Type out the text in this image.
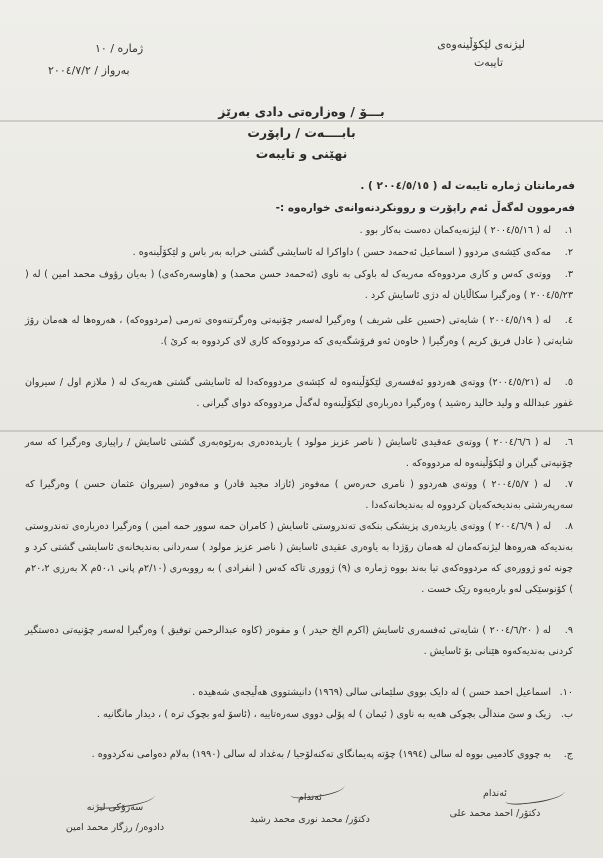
لیژنەی لێکۆڵینەوەی
تایبەت
ژمارە / ١٠
بەرواز / ٢٠٠٤/٧/٢
بـــۆ / وەزارەتی دادی بەرێز
بابــــەت / راپۆرت
نهێنی و تایبەت
فەرمانتان ژمارە تایبەت لە ( ٢٠٠٤/٥/١٥ ) .
فەرموون لەگەڵ ئەم راپۆرت و روونکردنەوانەی خوارەوە :-
١.لە ( ٢٠٠٤/٥/١٦ ) لیژنەیەکمان دەست بەکار بوو .
٢.مەکەی کێشەی مردوو ( اسماعیل ئەحمەد حسن ) داواکرا لە ئاسایشی گشتی خرابە بەر باس و لێکۆڵینەوە .
٣.ووتەی کەس و کاری مردووەکە مەریەک لە باوکی بە ناوی (ئەحمەد حسن محمد) و (هاوسەرەکەی) ( بەیان رؤوف محمد امین ) لە ( ٢٠٠٤/٥/٢٣ ) وەرگیرا سکاڵایان لە دژی ئاسایش کرد .
٤.لە ( ٢٠٠٤/٥/١٩ ) شایەتی (حسین علی شریف ) وەرگیرا لەسەر چۆنیەتی وەرگرتنەوەی تەرمی (مردووەکە) ، هەروەها لە هەمان رۆژ شایەتی ( عادل فریق کریم ) وەرگیرا ( خاوەن ئەو فرۆشگەیەی کە مردووەکە کاری لای کردووە بە کرێ ).
٥.لە (٢٠٠٤/٥/٢١) ووتەی هەردوو ئەفسەری لێکۆڵینەوە لە کێشەی مردووەکەدا لە ئاسایشی گشتی هەریەک لە ( ملازم اول / سیروان غفور عبدالله و ولید خالید رەشید ) وەرگیرا دەربارەی لێکۆڵینەوە لەگەڵ مردووەکە دوای گیرانی .
٦.لە ( ٢٠٠٤/٦/٦ ) ووتەی عەقیدی ئاسایش ( ناصر عزیز مولود ) یاریدەدەری بەرێوەبەری گشتی ئاسایش / راپیاری وەرگیرا کە سەر چۆنیەتی گیران و لێکۆڵینەوە لە مردووەکە .
٧.لە ( ٢٠٠٤/٥/٧ ) ووتەی هەردوو ( نامری حەرەس ) مەفوەز (ئازاد مجید قادر) و مەفوەز (سیروان عثمان حسن ) وەرگیرا کە سەرپەرشتی بەندیخەکەیان کردووە لە بەندیخانەکەدا .
٨.لە ( ٢٠٠٤/٦/٩ ) ووتەی یاریدەری پزیشکی بنکەی تەندروستی ئاسایش ( کامران حمە سوور حمە امین ) وەرگیرا دەربارەی تەندروستی بەندیەکە هەروەها لیژنەکەمان لە هەمان رۆژدا بە یاوەری عقیدی ئاسایش ( ناصر عزیز مولود ) سەردانی بەندیخانەی ئاسایشی گشتی کرد و چونە ئەو ژوورەی کە مردووەکەی تیا بەند بووە ژمارە ی (٩) ژووری تاکە کەس ( انفرادی ) بە رووبەری (٢/١٠م پانی ٥٠،١م X بەرزی ٢٠،٢م ) کۆنوسێکی لەو بارەیەوە رێک خست .
٩.لە ( ٢٠٠٤/٦/٢٠ ) شایەتی ئەفسەری ئاسایش (اکرم الخ حیدر ) و مفوەز (کاوە عبدالرحمن توفیق ) وەرگیرا لەسەر چۆنیەتی دەستگیر کردنی بەندیەکەوە هێنانی بۆ ئاسایش .
١٠.اسماعیل احمد حسن ) لە دایک بووی سلێمانی سالی (١٩٦٩) دانیشتووی هەڵیجەی شەهیدە .
ب.زیک و سێ منداڵی بچوکی هەیە بە ناوی ( ئیمان ) لە پۆلی دووی سەرەتاییە ، (ئاسۆ لەو بچوک ترە ) ، دیدار مانگانیە .
ج.بە چووی کادمیی بووە لە سالی (١٩٩٤) چۆتە پەیمانگای تەکنەلۆجیا / بەغداد لە سالی (١٩٩٠) بەلام دەوامی نەکردووە .
ئەندام
دکتۆر/ احمد محمد علی
ئەندام
دکتۆر/ محمد نوری محمد رشید
سەرۆکی لیژنە
دادوەر/ رزگار محمد امین
